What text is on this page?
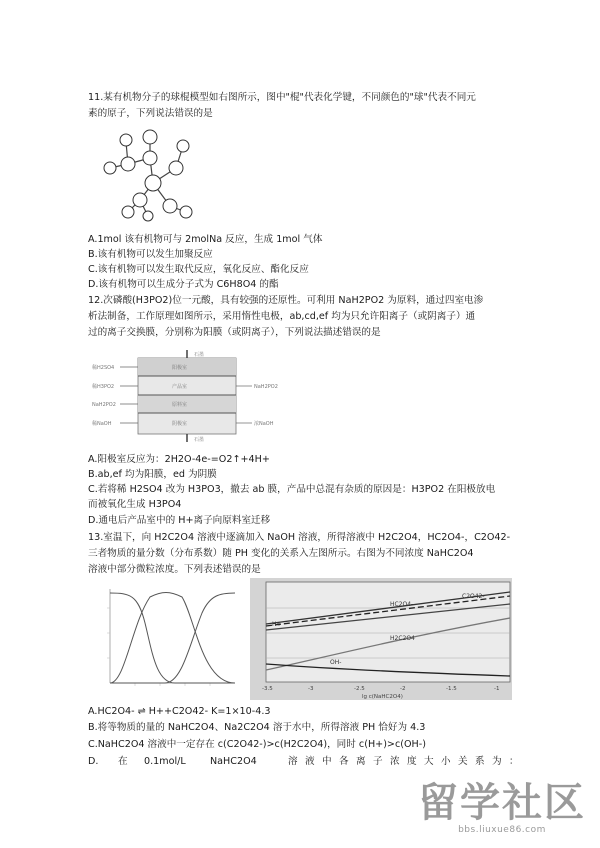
11.某有机物分子的球棍模型如右图所示，图中"棍"代表化学键，不同颜色的"球"代表不同元
素的原子，下列说法错误的是
A.1mol 该有机物可与 2molNa 反应，生成 1mol 气体
B.该有机物可以发生加聚反应
C.该有机物可以发生取代反应，氧化反应、酯化反应
D.该有机物可以生成分子式为 C6H8O4 的酯
12.次磷酸(H3PO2)位一元酸，具有较强的还原性。可利用 NaH2PO2 为原料，通过四室电渗
析法制备，工作原理如图所示，采用惰性电极，ab,cd,ef 均为只允许阳离子（或阴离子）通
过的离子交换膜，分别称为阳膜（或阴离子），下列说法描述错误的是
石墨
石墨
稀H2SO4
稀H3PO2
NaH2PO2
稀NaOH
阳极室
产品室
原料室
阴极室
NaH2PO2
浓NaOH
A.阳极室反应为：2H2O-4e-=O2↑+4H+
B.ab,ef 均为阳膜，ed 为阴膜
C.若将稀 H2SO4 改为 H3PO3，撤去 ab 膜，产品中总混有杂质的原因是：H3PO2 在阳极放电
而被氧化生成 H3PO4
D.通电后产品室中的 H+离子向原料室迁移
13.室温下，向 H2C2O4 溶液中逐滴加入 NaOH 溶液，所得溶液中 H2C2O4，HC2O4-，C2O42-
三者物质的量分数（分布系数）随 PH 变化的关系入左图所示。右图为不同浓度 NaHC2O4
溶液中部分微粒浓度。下列表述错误的是
HC2O4-
C2O42-
H+
H2C2O4
OH-
-3.5	-3	-2.5	-2	-1.5	-1
lg c(NaHC2O4)
A.HC2O4- ⇌ H++C2O42- K=1×10-4.3
B.将等物质的量的 NaHC2O4、Na2C2O4 溶于水中，所得溶液 PH 恰好为 4.3
C.NaHC2O4 溶液中一定存在 c(C2O42-)>c(H2C2O4)，同时 c(H+)>c(OH-)
D. 在 0.1mol/L	NaHC2O4	溶 液 中 各 离 子 浓 度 大 小 关 系 为 ：
留学社区
bbs.liuxue86.com
